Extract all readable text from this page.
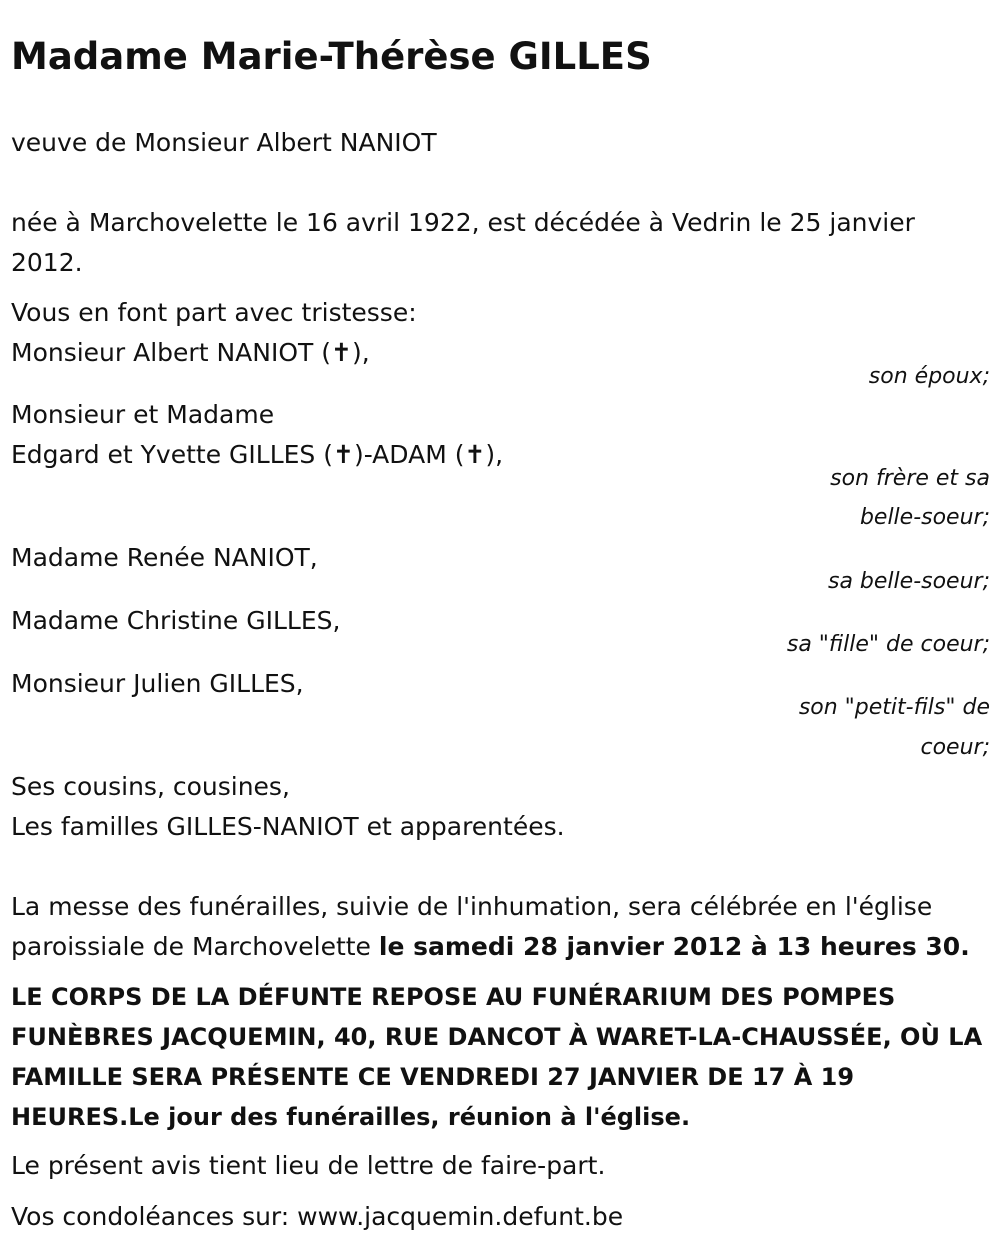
Madame Marie-Thérèse GILLES
veuve de Monsieur Albert NANIOT
née à Marchovelette le 16 avril 1922, est décédée à Vedrin le 25 janvier
2012.
Vous en font part avec tristesse:
Monsieur Albert NANIOT (✝),
son époux;
Monsieur et Madame
Edgard et Yvette GILLES (✝)-ADAM (✝),
son frère et sa
belle-soeur;
Madame Renée NANIOT,
sa belle-soeur;
Madame Christine GILLES,
sa "fille" de coeur;
Monsieur Julien GILLES,
son "petit-fils" de
coeur;
Ses cousins, cousines,
Les familles GILLES-NANIOT et apparentées.
La messe des funérailles, suivie de l'inhumation, sera célébrée en l'église
paroissiale de Marchovelette le samedi 28 janvier 2012 à 13 heures 30.
LE CORPS DE LA DÉFUNTE REPOSE AU FUNÉRARIUM DES POMPES FUNÈBRES JACQUEMIN, 40, RUE DANCOT À WARET-LA-CHAUSSÉE, OÙ LA FAMILLE SERA PRÉSENTE CE VENDREDI 27 JANVIER DE 17 À 19 HEURES.Le jour des funérailles, réunion à l'église.
Le présent avis tient lieu de lettre de faire-part.
Vos condoléances sur: www.jacquemin.defunt.be
